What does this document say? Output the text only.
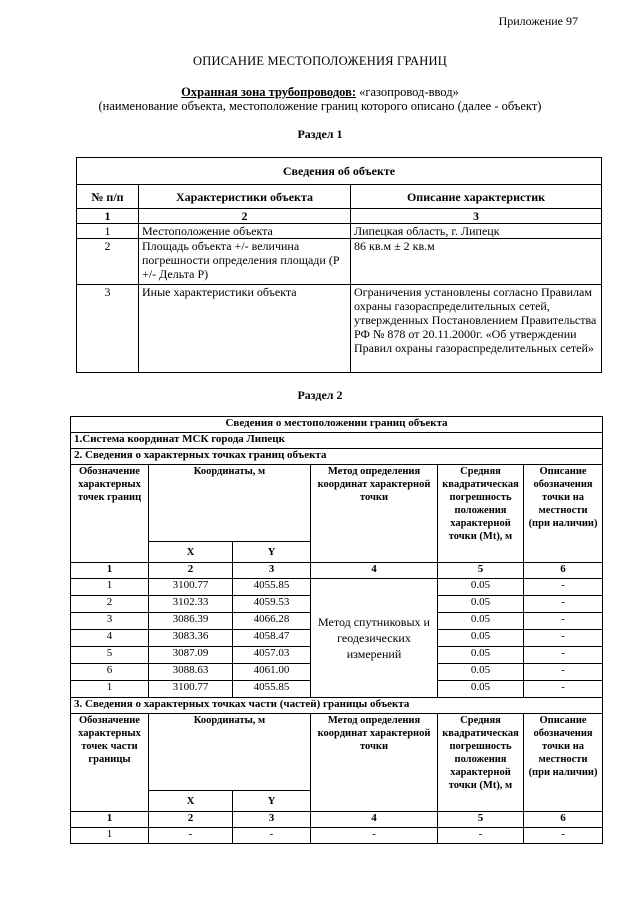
Приложение 97
ОПИСАНИЕ МЕСТОПОЛОЖЕНИЯ ГРАНИЦ
Охранная зона трубопроводов: «газопровод-ввод»
(наименование объекта, местоположение границ которого описано (далее - объект)
Раздел 1
Сведения об объекте		
№ п/п	Характеристики объекта	Описание характеристик
1	2	3
1	Местоположение объекта	Липецкая область, г. Липецк
2	Площадь объекта +/- величина погрешности определения площади (Р +/- Дельта Р)	86 кв.м ± 2 кв.м
3	Иные характеристики объекта	Ограничения установлены согласно Правилам охраны газораспределительных сетей, утвержденных Постановлением Правительства РФ № 878 от 20.11.2000г. «Об утверждении Правил охраны газораспределительных сетей»
Раздел 2
Сведения о местоположении границ объекта					
1.Система координат МСК города Липецк					
2. Сведения о характерных точках границ объекта					
Обозначение характерных точек границ	Координаты, м		Метод определения координат характерной точки	Средняя квадратическая погрешность положения характерной точки (Mt), м	Описание обозначения точки на местности (при наличии)
	X	Y			
1	2	3	4	5	6
1	3100.77	4055.85	Метод спутниковых и геодезических измерений	0.05	-
2	3102.33	4059.53		0.05	-
3	3086.39	4066.28		0.05	-
4	3083.36	4058.47		0.05	-
5	3087.09	4057.03		0.05	-
6	3088.63	4061.00		0.05	-
1	3100.77	4055.85		0.05	-
3. Сведения о характерных точках части (частей) границы объекта					
Обозначение характерных точек части границы	Координаты, м		Метод определения координат характерной точки	Средняя квадратическая погрешность положения характерной точки (Mt), м	Описание обозначения точки на местности (при наличии)
	X	Y			
1	2	3	4	5	6
1	-	-	-	-	-
